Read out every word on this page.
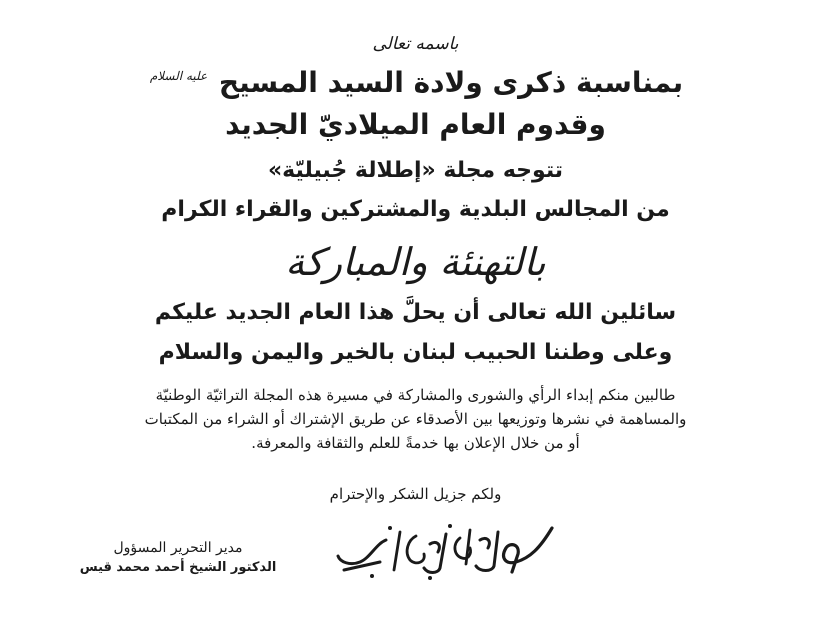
باسمه تعالى
بمناسبة ذكرى ولادة السيد المسيح $^{عليه السلام}$
وقدوم العام الميلاديّ الجديد
تتوجه مجلة «إطلالة جُبيليّة»
من المجالس البلدية والمشتركين والقراء الكرام
بالتهنئة والمباركة
سائلين الله تعالى أن يحلَّ هذا العام الجديد عليكم
وعلى وطننا الحبيب لبنان بالخير واليمن والسلام

طالبين منكم إبداء الرأي والشورى والمشاركة في مسيرة هذه المجلة التراثيّة الوطنيّة

والمساهمة في نشرها وتوزيعها بين الأصدقاء عن طريق الإشتراك أو الشراء من المكتبات

أو من خلال الإعلان بها خدمةً للعلم والثقافة والمعرفة.

ولكم جزيل الشكر والإحترام
مدير التحرير المسؤول
الدكتور الشيخ أحمد محمد قيس
